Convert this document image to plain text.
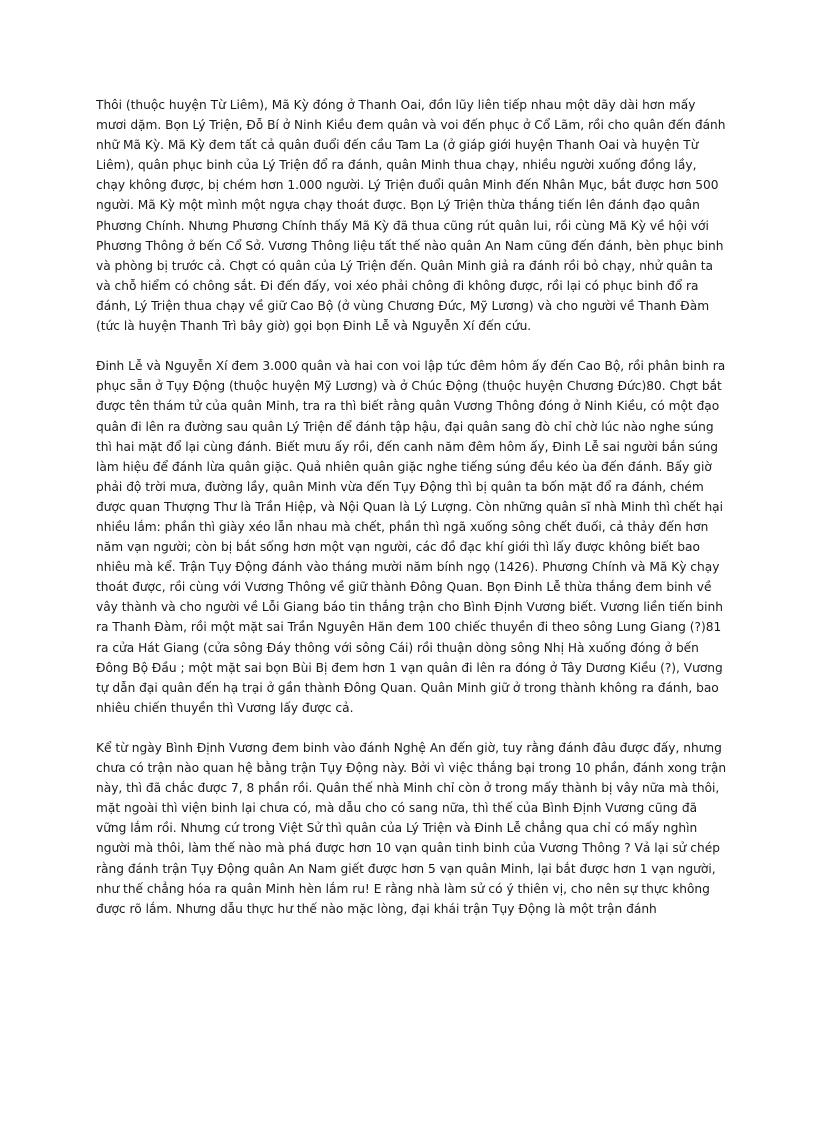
Thôi (thuộc huyện Từ Liêm), Mã Kỳ đóng ở Thanh Oai, đồn lũy liên tiếp nhau một dãy dài hơn mấy mươi dặm. Bọn Lý Triện, Đỗ Bí ở Ninh Kiều đem quân và voi đến phục ở Cổ Lãm, rồi cho quân đến đánh nhữ Mã Kỳ. Mã Kỳ đem tất cả quân đuổi đến cầu Tam La (ở giáp giới huyện Thanh Oai và huyện Từ Liêm), quân phục binh của Lý Triện đổ ra đánh, quân Minh thua chạy, nhiều người xuống đồng lầy, chạy không được, bị chém hơn 1.000 người. Lý Triện đuổi quân Minh đến Nhân Mục, bắt được hơn 500 người. Mã Kỳ một mình một ngựa chạy thoát được. Bọn Lý Triện thừa thắng tiến lên đánh đạo quân Phương Chính. Nhưng Phương Chính thấy Mã Kỳ đã thua cũng rút quân lui, rồi cùng Mã Kỳ về hội với Phương Thông ở bến Cổ Sở. Vương Thông liệu tất thế nào quân An Nam cũng đến đánh, bèn phục binh và phòng bị trước cả. Chợt có quân của Lý Triện đến. Quân Minh giả ra đánh rồi bỏ chạy, nhử quân ta và chỗ hiểm có chông sắt. Đi đến đấy, voi xéo phải chông đi không được, rồi lại có phục binh đổ ra đánh, Lý Triện thua chạy về giữ Cao Bộ (ở vùng Chương Đức, Mỹ Lương) và cho người về Thanh Đàm (tức là huyện Thanh Trì bây giờ) gọi bọn Đinh Lễ và Nguyễn Xí đến cứu.

Đinh Lễ và Nguyễn Xí đem 3.000 quân và hai con voi lập tức đêm hôm ấy đến Cao Bộ, rồi phân binh ra phục sẵn ở Tụy Động (thuộc huyện Mỹ Lương) và ở Chúc Động (thuộc huyện Chương Đức)80. Chợt bắt được tên thám tử của quân Minh, tra ra thì biết rằng quân Vương Thông đóng ở Ninh Kiều, có một đạo quân đi lên ra đường sau quân Lý Triện để đánh tập hậu, đại quân sang đò chỉ chờ lúc nào nghe súng thì hai mặt đổ lại cùng đánh. Biết mưu ấy rồi, đến canh năm đêm hôm ấy, Đinh Lễ sai người bắn súng làm hiệu để đánh lừa quân giặc. Quả nhiên quân giặc nghe tiếng súng đều kéo ùa đến đánh. Bấy giờ phải độ trời mưa, đường lầy, quân Minh vừa đến Tụy Động thì bị quân ta bốn mặt đổ ra đánh, chém được quan Thượng Thư là Trần Hiệp, và Nội Quan là Lý Lượng. Còn những quân sĩ nhà Minh thì chết hại nhiều lắm: phần thì giày xéo lẫn nhau mà chết, phần thì ngã xuống sông chết đuối, cả thảy đến hơn năm vạn người; còn bị bắt sống hơn một vạn người, các đồ đạc khí giới thì lấy được không biết bao nhiêu mà kể. Trận Tụy Động đánh vào tháng mười năm bính ngọ (1426). Phương Chính và Mã Kỳ chạy thoát được, rồi cùng với Vương Thông về giữ thành Đông Quan. Bọn Đinh Lễ thừa thắng đem binh về vây thành và cho người về Lỗi Giang báo tin thắng trận cho Bình Định Vương biết. Vương liền tiến binh ra Thanh Đàm, rồi một mặt sai Trần Nguyên Hãn đem 100 chiếc thuyền đi theo sông Lung Giang (?)81 ra cửa Hát Giang (cửa sông Đáy thông với sông Cái) rồi thuận dòng sông Nhị Hà xuống đóng ở bến Đông Bộ Đầu ; một mặt sai bọn Bùi Bị đem hơn 1 vạn quân đi lên ra đóng ở Tây Dương Kiều (?), Vương tự dẫn đại quân đến hạ trại ở gần thành Đông Quan. Quân Minh giữ ở trong thành không ra đánh, bao nhiêu chiến thuyền thì Vương lấy được cả.

Kể từ ngày Bình Định Vương đem binh vào đánh Nghệ An đến giờ, tuy rằng đánh đâu được đấy, nhưng chưa có trận nào quan hệ bằng trận Tụy Động này. Bởi vì việc thắng bại trong 10 phần, đánh xong trận này, thì đã chắc được 7, 8 phần rồi. Quân thế nhà Minh chỉ còn ở trong mấy thành bị vây nữa mà thôi, mặt ngoài thì viện binh lại chưa có, mà dẫu cho có sang nữa, thì thế của Bình Định Vương cũng đã vững lắm rồi. Nhưng cứ trong Việt Sử thì quân của Lý Triện và Đinh Lễ chẳng qua chỉ có mấy nghìn người mà thôi, làm thế nào mà phá được hơn 10 vạn quân tinh binh của Vương Thông ? Vả lại sử chép rằng đánh trận Tụy Động quân An Nam giết được hơn 5 vạn quân Minh, lại bắt được hơn 1 vạn người, như thế chẳng hóa ra quân Minh hèn lắm ru! E rằng nhà làm sử có ý thiên vị, cho nên sự thực không được rõ lắm. Nhưng dẫu thực hư thế nào mặc lòng, đại khái trận Tụy Động là một trận đánh
